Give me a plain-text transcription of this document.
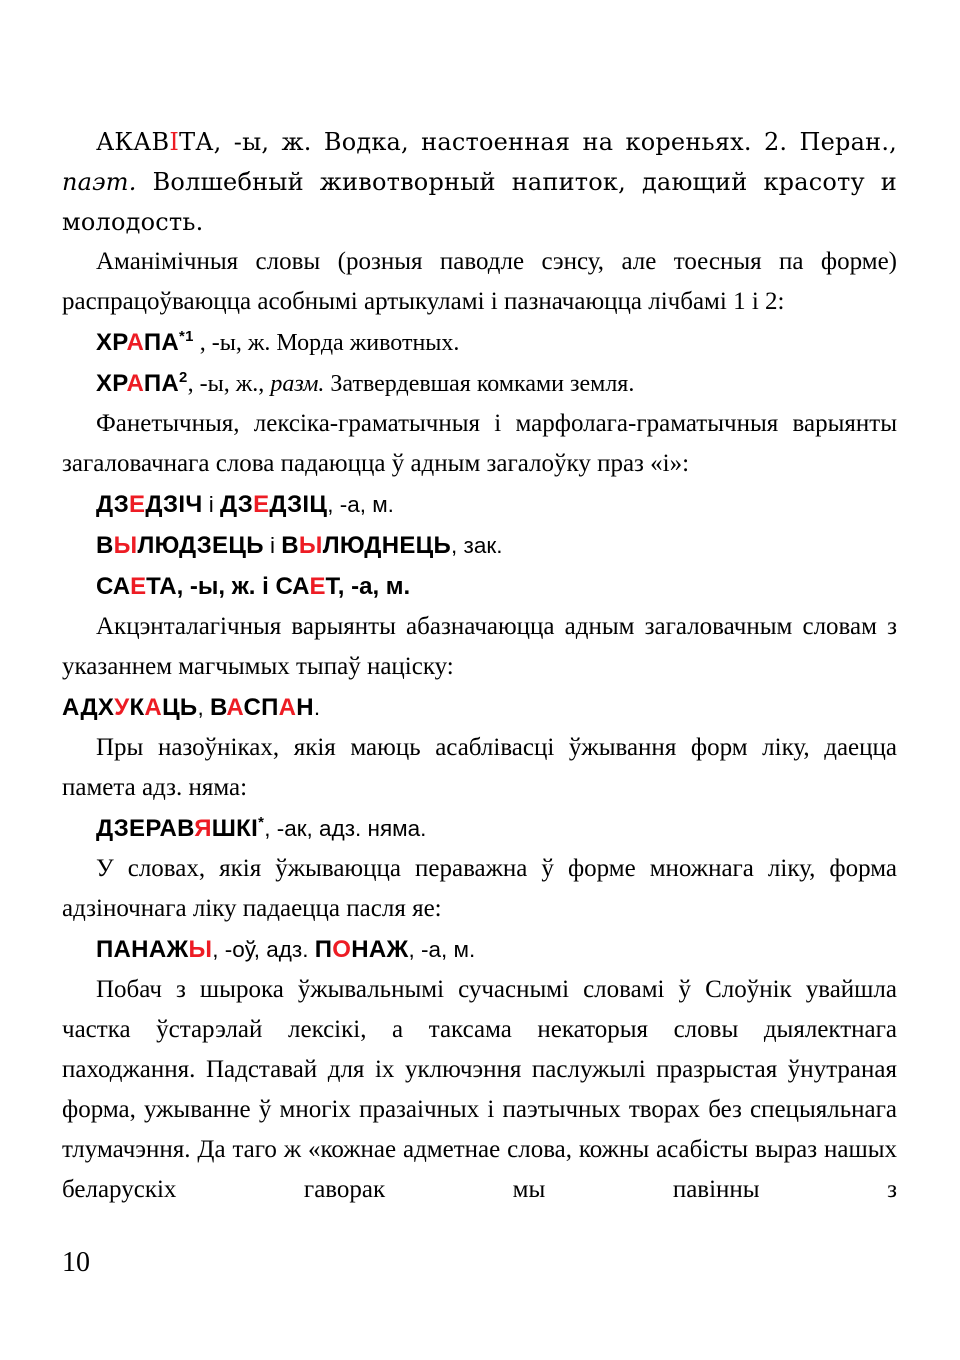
АКАВІТА, -ы, ж. Водка, настоенная на кореньях. 2. Перан., паэт. Волшебный животворный напиток, дающий красоту и молодость.

Аманімічныя словы (розныя паводле сэнсу, але тоесныя па форме) распрацоўваюцца асобнымі артыкуламі і пазначаюцца лічбамі 1 і 2:

ХРАПА$^{*1}$ , -ы, ж. Морда животных.

ХРАПА$^2$, -ы, ж., разм. Затвердевшая комками земля.

Фанетычныя, лексіка-граматычныя і марфолага-граматычныя варыянты загаловачнага слова падаюцца ў адным загалоўку праз «і»:

ДЗЕДЗІЧ і ДЗЕДЗІЦ, -а, м.

ВЫЛЮДЗЕЦЬ і ВЫЛЮДНЕЦЬ, зак.

САЕТА, -ы, ж. і САЕТ, -а, м.

Акцэнталагічныя варыянты абазначаюцца адным загаловачным словам з указаннем магчымых тыпаў націску:

АДХУКАЦЬ, ВАСПАН.

Пры назоўніках, якія маюць асаблівасці ўжывання форм ліку, даецца памета адз. няма:

ДЗЕРАВЯШКІ*, -ак, адз. няма.

У словах, якія ўжываюцца пераважна ў форме множнага ліку, форма адзіночнага ліку падаецца пасля яе:

ПАНАЖЫ, -оў, адз. ПОНАЖ, -а, м.

Побач з шырока ўжывальнымі сучаснымі словамі ў Слоўнік увайшла частка ўстарэлай лексікі, а таксама некаторыя словы дыялектнага паходжання. Падставай для іх уключэння паслужылі празрыстая ўнутраная форма, ужыванне ў многіх празаічных і паэтычных творах без спецыяльнага тлумачэння. Да таго ж «кожнае адметнае слова, кожны асабісты выраз нашых беларускіх гаворак мы павінны з

10
